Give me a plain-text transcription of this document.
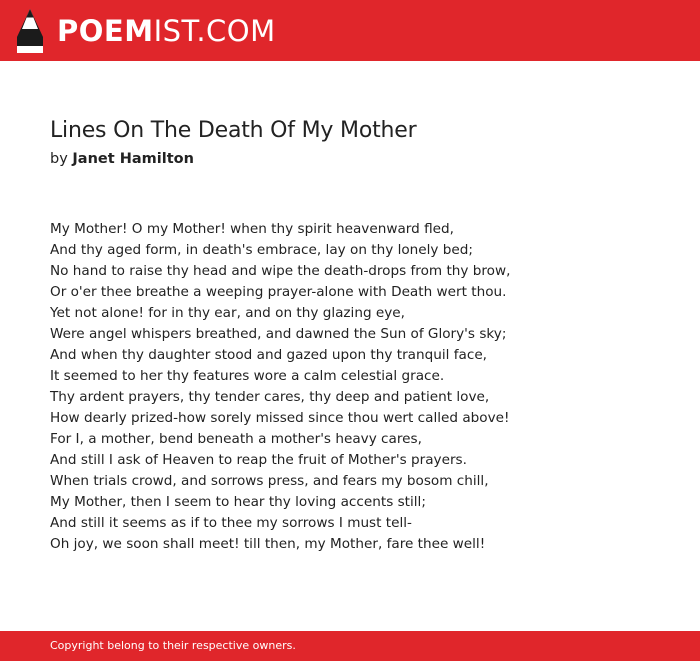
POEMIST.COM
Lines On The Death Of My Mother
by Janet Hamilton
My Mother! O my Mother! when thy spirit heavenward fled,
And thy aged form, in death's embrace, lay on thy lonely bed;
No hand to raise thy head and wipe the death-drops from thy brow,
Or o'er thee breathe a weeping prayer-alone with Death wert thou.
Yet not alone! for in thy ear, and on thy glazing eye,
Were angel whispers breathed, and dawned the Sun of Glory's sky;
And when thy daughter stood and gazed upon thy tranquil face,
It seemed to her thy features wore a calm celestial grace.
Thy ardent prayers, thy tender cares, thy deep and patient love,
How dearly prized-how sorely missed since thou wert called above!
For I, a mother, bend beneath a mother's heavy cares,
And still I ask of Heaven to reap the fruit of Mother's prayers.
When trials crowd, and sorrows press, and fears my bosom chill,
My Mother, then I seem to hear thy loving accents still;
And still it seems as if to thee my sorrows I must tell-
Oh joy, we soon shall meet! till then, my Mother, fare thee well!
Copyright belong to their respective owners.
